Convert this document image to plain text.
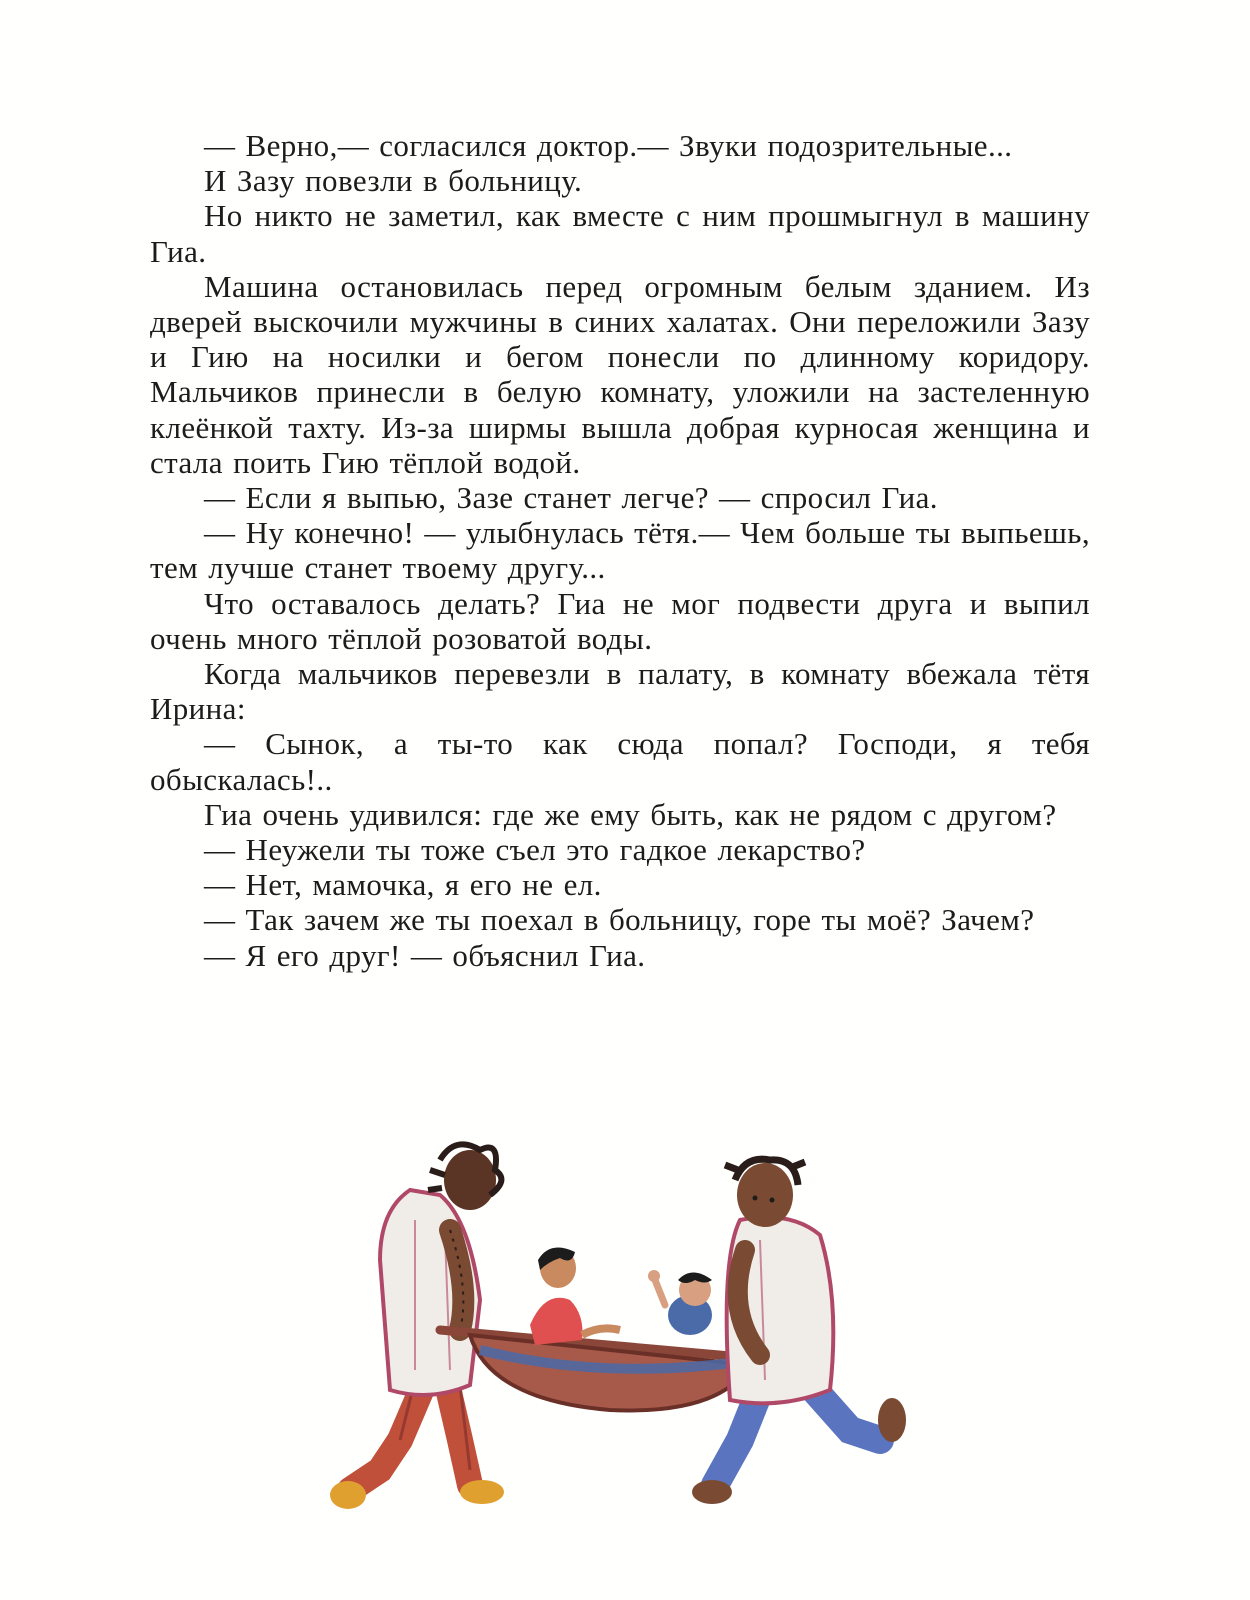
— Верно,— согласился доктор.— Звуки подозрительные...

И Зазу повезли в больницу.

Но никто не заметил, как вместе с ним прошмыгнул в машину Гиа.

Машина остановилась перед огромным белым зданием. Из дверей выскочили мужчины в синих халатах. Они переложили Зазу и Гию на носилки и бегом понесли по длинному коридору. Мальчиков принесли в белую комнату, уложили на застеленную клеёнкой тахту. Из-за ширмы вышла добрая курносая женщина и стала поить Гию тёплой водой.

— Если я выпью, Зазе станет легче? — спросил Гиа.

— Ну конечно! — улыбнулась тётя.— Чем больше ты выпьешь, тем лучше станет твоему другу...

Что оставалось делать? Гиа не мог подвести друга и выпил очень много тёплой розоватой воды.

Когда мальчиков перевезли в палату, в комнату вбежала тётя Ирина:

— Сынок, а ты-то как сюда попал? Господи, я тебя обыскалась!..

Гиа очень удивился: где же ему быть, как не рядом с другом?

— Неужели ты тоже съел это гадкое лекарство?

— Нет, мамочка, я его не ел.

— Так зачем же ты поехал в больницу, горе ты моё? Зачем?

— Я его друг! — объяснил Гиа.
